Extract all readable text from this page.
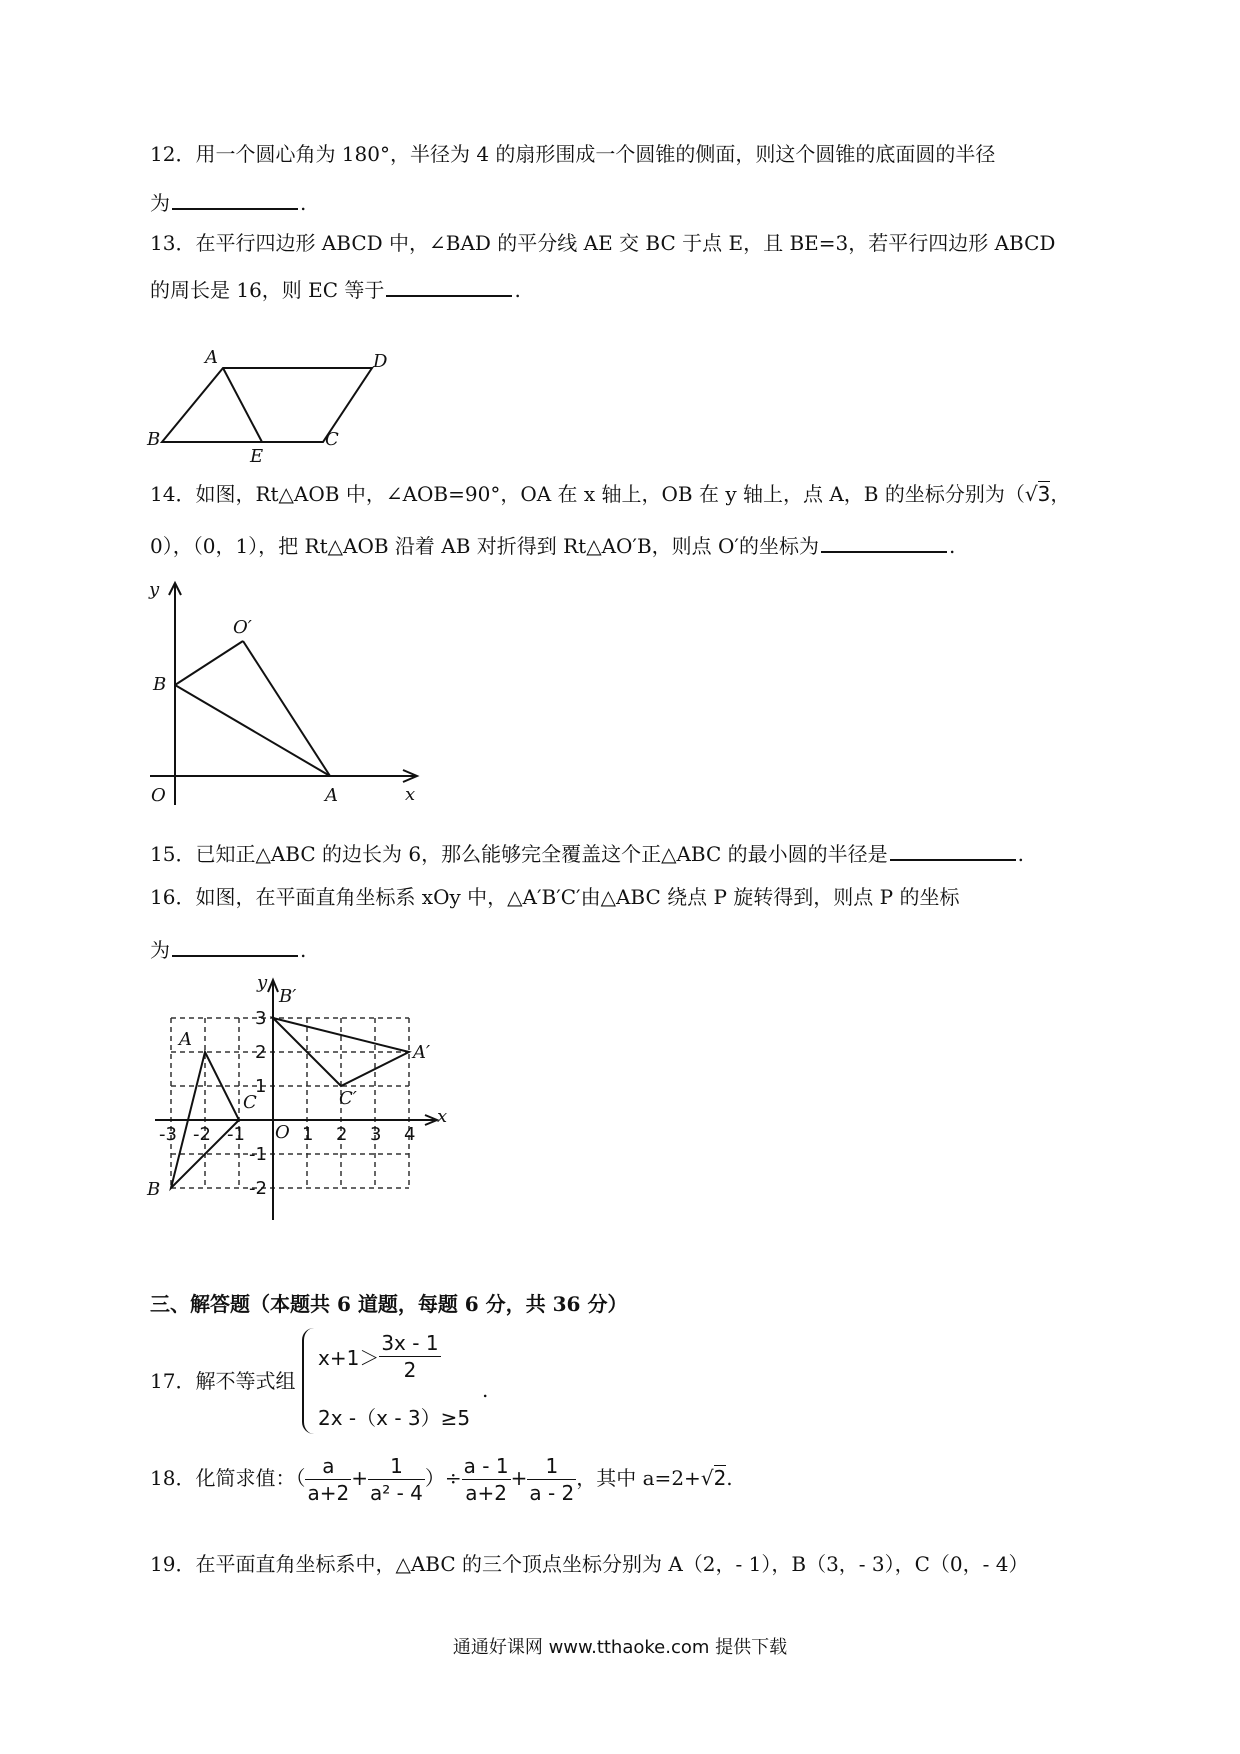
12．用一个圆心角为 180°，半径为 4 的扇形围成一个圆锥的侧面，则这个圆锥的底面圆的半径
为	.
13．在平行四边形 ABCD 中，∠BAD 的平分线 AE 交 BC 于点 E，且 BE=3，若平行四边形 ABCD
的周长是 16，则 EC 等于	.
A	D
B
E
C
14．如图，Rt△AOB 中，∠AOB=90°，OA 在 x 轴上，OB 在 y 轴上，点 A，B 的坐标分别为（√3，
0），（0，1），把 Rt△AOB 沿着 AB 对折得到 Rt△AO′B，则点 O′的坐标为	.
y
x
O	A
B
O′
15．已知正△ABC 的边长为 6，那么能够完全覆盖这个正△ABC 的最小圆的半径是	.
16．如图，在平面直角坐标系 xOy 中，△A′B′C′由△ABC 绕点 P 旋转得到，则点 P 的坐标
为	.
y
x
O
A
B
C
A′
B′
C′
-3 -2 -1	1 2 3 4
3
2
1
-1
-2
三、解答题（本题共 6 道题，每题 6 分，共 36 分）
17．解不等式组
$x+1> \frac{3x - 1}{2}$
2x -（x - 3）≥5
.
18．化简求值：（ $\frac{a}{a+2} + \frac{1}{\text{a² - 4}}$ ）÷ $\frac{a - 1}{a+2} + \frac{1}{a - 2}$ ，其中 a=2+√2.
19．在平面直角坐标系中，△ABC 的三个顶点坐标分别为 A（2，- 1），B（3，- 3），C（0，- 4）
通通好课网 www.tthaoke.com 提供下载
